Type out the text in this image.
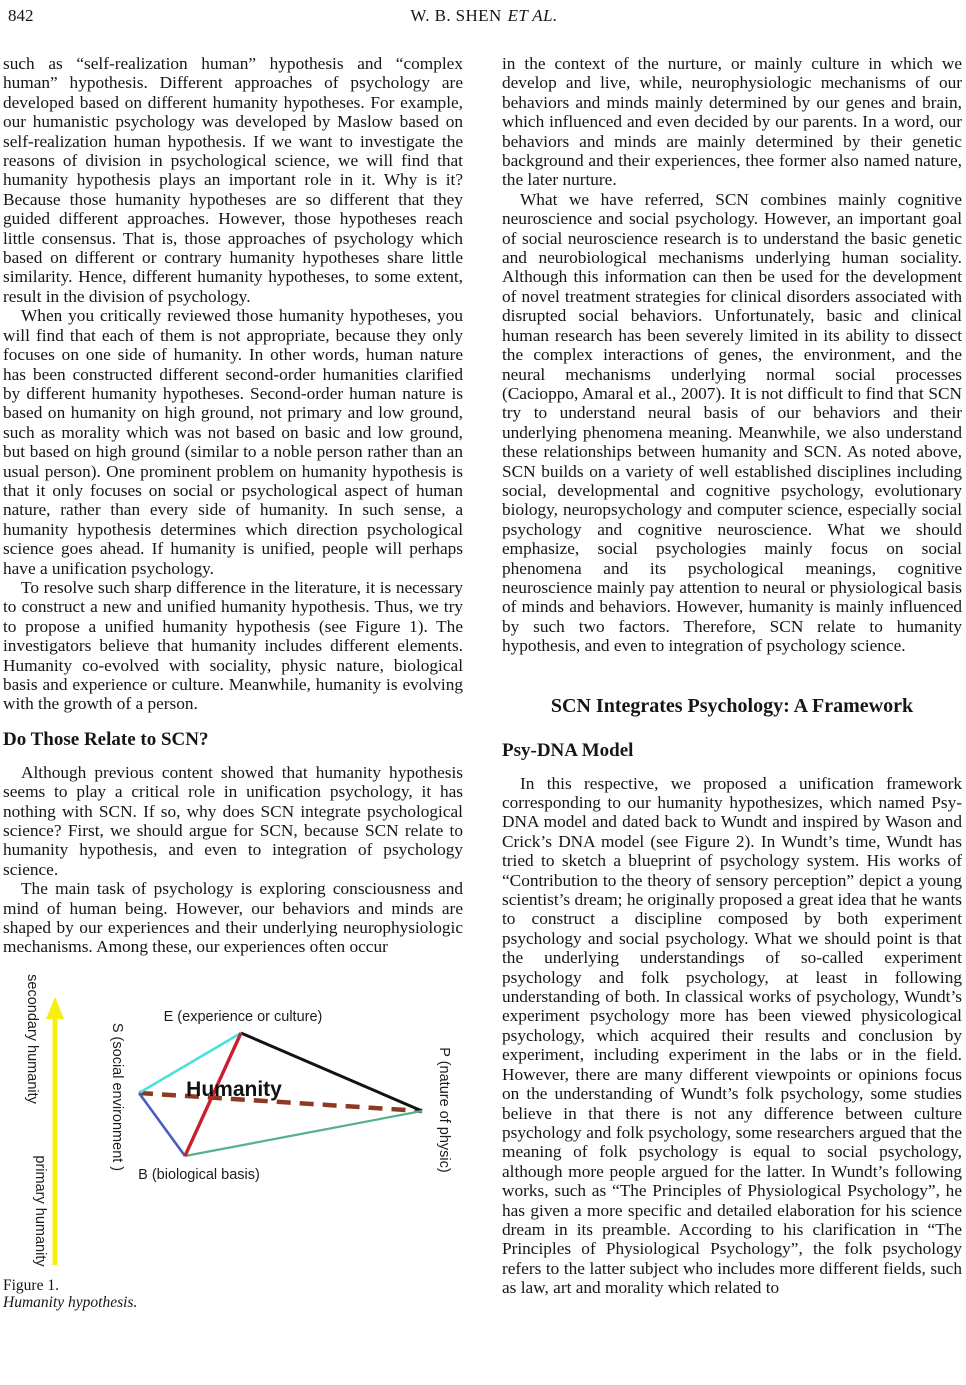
842	W. B. SHEN ET AL.

such as “self-realization human” hypothesis and “complex human” hypothesis. Different approaches of psychology are developed based on different humanity hypotheses. For example, our humanistic psychology was developed by Maslow based on self-realization human hypothesis. If we want to investigate the reasons of division in psychological science, we will find that humanity hypothesis plays an important role in it. Why is it? Because those humanity hypotheses are so different that they guided different approaches. However, those hypotheses reach little consensus. That is, those approaches of psychology which based on different or contrary humanity hypotheses share little similarity. Hence, different humanity hypotheses, to some extent, result in the division of psychology.

When you critically reviewed those humanity hypotheses, you will find that each of them is not appropriate, because they only focuses on one side of humanity. In other words, human nature has been constructed different second-order humanities clarified by different humanity hypotheses. Second-order human nature is based on humanity on high ground, not primary and low ground, such as morality which was not based on basic and low ground, but based on high ground (similar to a noble person rather than an usual person). One prominent problem on humanity hypothesis is that it only focuses on social or psychological aspect of human nature, rather than every side of humanity. In such sense, a humanity hypothesis determines which direction psychological science goes ahead. If humanity is unified, people will perhaps have a unification psychology.

To resolve such sharp difference in the literature, it is necessary to construct a new and unified humanity hypothesis. Thus, we try to propose a unified humanity hypothesis (see Figure 1). The investigators believe that humanity includes different elements. Humanity co-evolved with sociality, physic nature, biological basis and experience or culture. Meanwhile, humanity is evolving with the growth of a person.

Do Those Relate to SCN?

Although previous content showed that humanity hypothesis seems to play a critical role in unification psychology, it has nothing with SCN. If so, why does SCN integrate psychological science? First, we should argue for SCN, because SCN relate to humanity hypothesis, and even to integration of psychology science.

The main task of psychology is exploring consciousness and mind of human being. However, our behaviors and minds are shaped by our experiences and their underlying neurophysiologic mechanisms. Among these, our experiences often occur

secondary humanity
primary humanity
E (experience or culture)
S (social environment )	P (nature of physic)
B (biological basis)
Humanity
Figure 1.
Humanity hypothesis.

in the context of the nurture, or mainly culture in which we develop and live, while, neurophysiologic mechanisms of our behaviors and minds mainly determined by our genes and brain, which influenced and even decided by our parents. In a word, our behaviors and minds are mainly determined by their genetic background and their experiences, thee former also named nature, the later nurture.

What we have referred, SCN combines mainly cognitive neuroscience and social psychology. However, an important goal of social neuroscience research is to understand the basic genetic and neurobiological mechanisms underlying human sociality. Although this information can then be used for the development of novel treatment strategies for clinical disorders associated with disrupted social behaviors. Unfortunately, basic and clinical human research has been severely limited in its ability to dissect the complex interactions of genes, the environment, and the neural mechanisms underlying normal social processes (Cacioppo, Amaral et al., 2007). It is not difficult to find that SCN try to understand neural basis of our behaviors and their underlying phenomena meaning. Meanwhile, we also understand these relationships between humanity and SCN. As noted above, SCN builds on a variety of well established disciplines including social, developmental and cognitive psychology, evolutionary biology, neuropsychology and computer science, especially social psychology and cognitive neuroscience. What we should emphasize, social psychologies mainly focus on social phenomena and its psychological meanings, cognitive neuroscience mainly pay attention to neural or physiological basis of minds and behaviors. However, humanity is mainly influenced by such two factors. Therefore, SCN relate to humanity hypothesis, and even to integration of psychology science.

SCN Integrates Psychology: A Framework
Psy-DNA Model

In this respective, we proposed a unification framework corresponding to our humanity hypothesizes, which named Psy-DNA model and dated back to Wundt and inspired by Wason and Crick’s DNA model (see Figure 2). In Wundt’s time, Wundt has tried to sketch a blueprint of psychology system. His works of “Contribution to the theory of sensory perception” depict a young scientist’s dream; he originally proposed a great idea that he wants to construct a discipline composed by both experiment psychology and social psychology. What we should point is that the underlying understandings of so-called experiment psychology and folk psychology, at least in following understanding of both. In classical works of psychology, Wundt’s experiment psychology more has been viewed physicological psychology, which acquired their results and conclusion by experiment, including experiment in the labs or in the field. However, there are many different viewpoints or opinions focus on the understanding of Wundt’s folk psychology, some studies believe in that there is not any difference between culture psychology and folk psychology, some researchers argued that the meaning of folk psychology is equal to social psychology, although more people argued for the latter. In Wundt’s following works, such as “The Principles of Physiological Psychology”, he has given a more specific and detailed elaboration for his science dream in its preamble. According to his clarification in “The Principles of Physiological Psychology”, the folk psychology refers to the latter subject who includes more different fields, such as law, art and morality which related to
